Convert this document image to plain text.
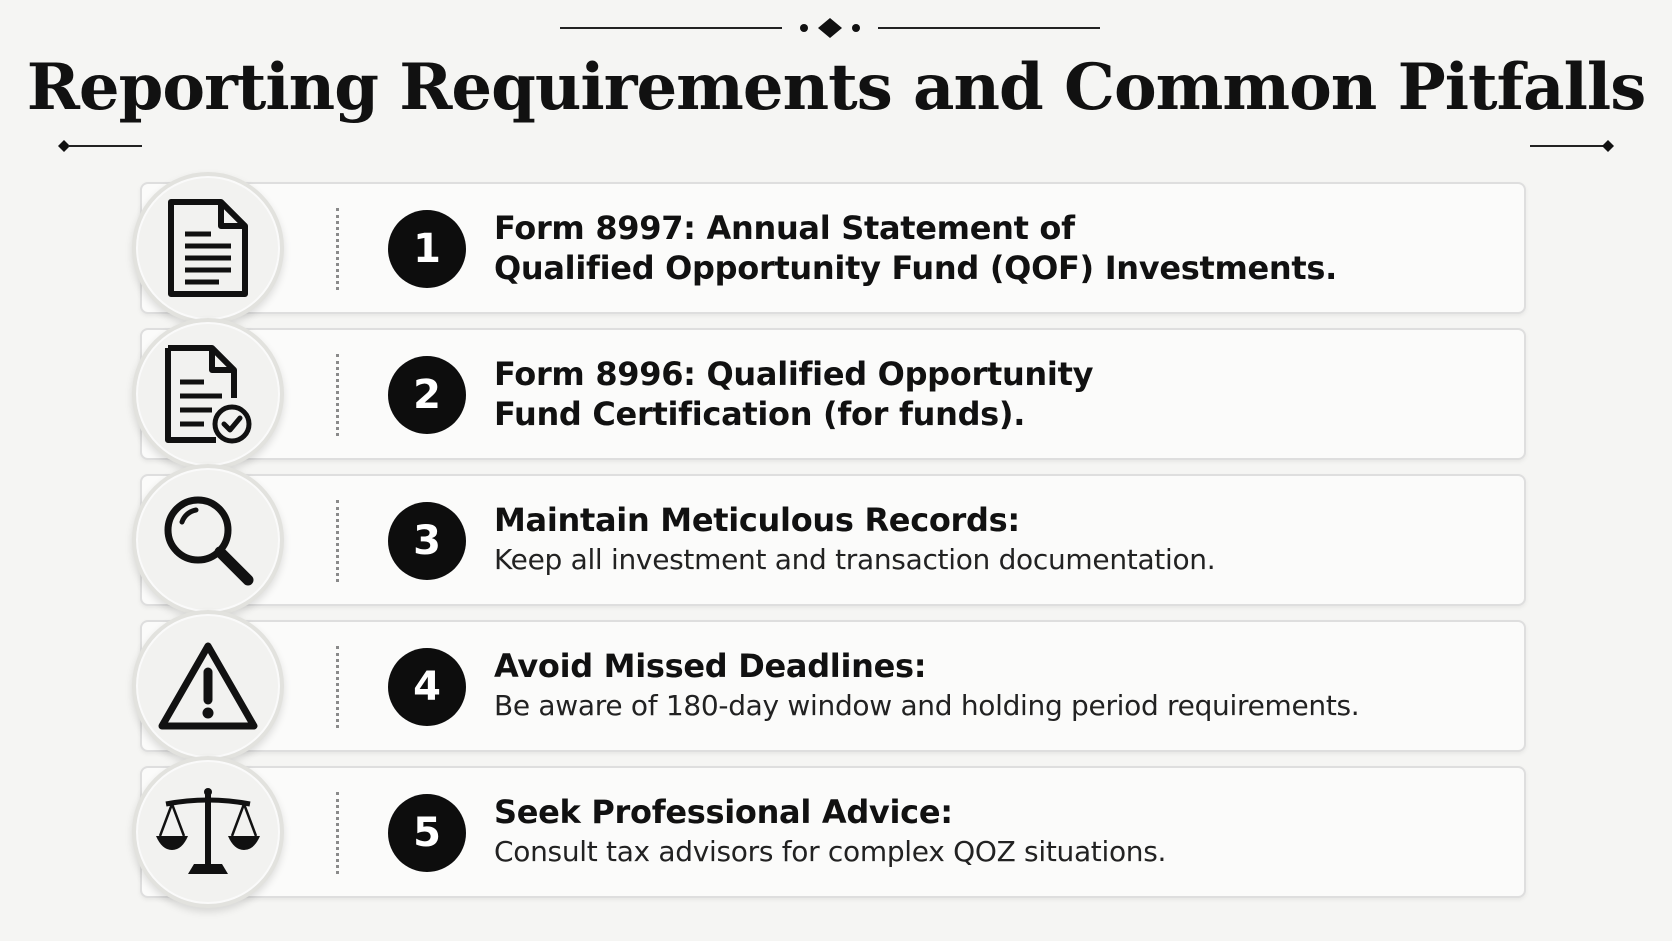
Reporting Requirements and Common Pitfalls
1	Form 8997: Annual Statement of
Qualified Opportunity Fund (QOF) Investments.
2	Form 8996: Qualified Opportunity
Fund Certification (for funds).
3	Maintain Meticulous Records:
Keep all investment and transaction documentation.
4	Avoid Missed Deadlines:
Be aware of 180-day window and holding period requirements.
5	Seek Professional Advice:
Consult tax advisors for complex QOZ situations.
